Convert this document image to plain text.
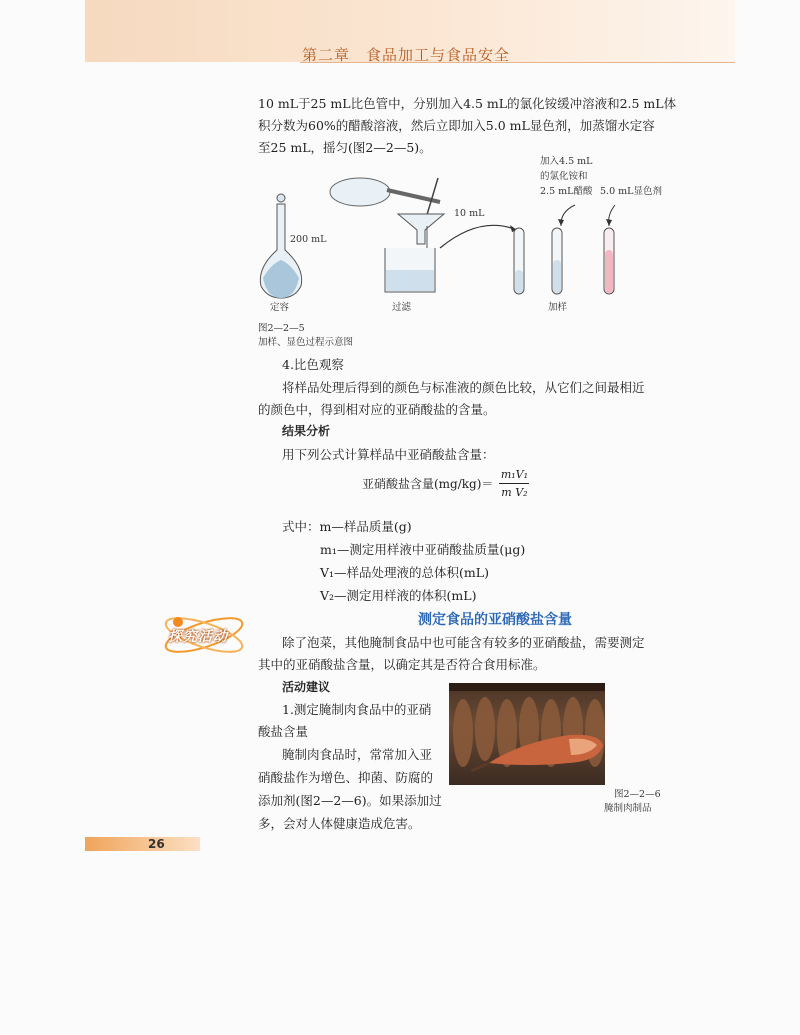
第二章　食品加工与食品安全
10 mL于25 mL比色管中，分别加入4.5 mL的氯化铵缓冲溶液和2.5 mL体
积分数为60%的醋酸溶液，然后立即加入5.0 mL显色剂，加蒸馏水定容
至25 mL，摇匀(图2—2—5)。
200 mL
10 mL
加入4.5 mL
的氯化铵和
2.5 mL醋酸 5.0 mL显色剂
定容	过滤	加样
图2—2—5
加样、显色过程示意图
4.比色观察
将样品处理后得到的颜色与标准液的颜色比较，从它们之间最相近
的颜色中，得到相对应的亚硝酸盐的含量。
结果分析
用下列公式计算样品中亚硝酸盐含量：
亚硝酸盐含量$(mg/kg)= \frac{\text{m₁V₁}}{\text{m V₂}}$
式中：m—样品质量(g)
m₁—测定用样液中亚硝酸盐质量(μg)
V₁—样品处理液的总体积(mL)
V₂—测定用样液的体积(mL)
探究活动
测定食品的亚硝酸盐含量
除了泡菜，其他腌制食品中也可能含有较多的亚硝酸盐，需要测定
其中的亚硝酸盐含量，以确定其是否符合食用标准。
活动建议
1.测定腌制肉食品中的亚硝
酸盐含量
腌制肉食品时，常常加入亚
硝酸盐作为增色、抑菌、防腐的
添加剂(图2—2—6)。如果添加过
多，会对人体健康造成危害。
图2—2—6
腌制肉制品
26
